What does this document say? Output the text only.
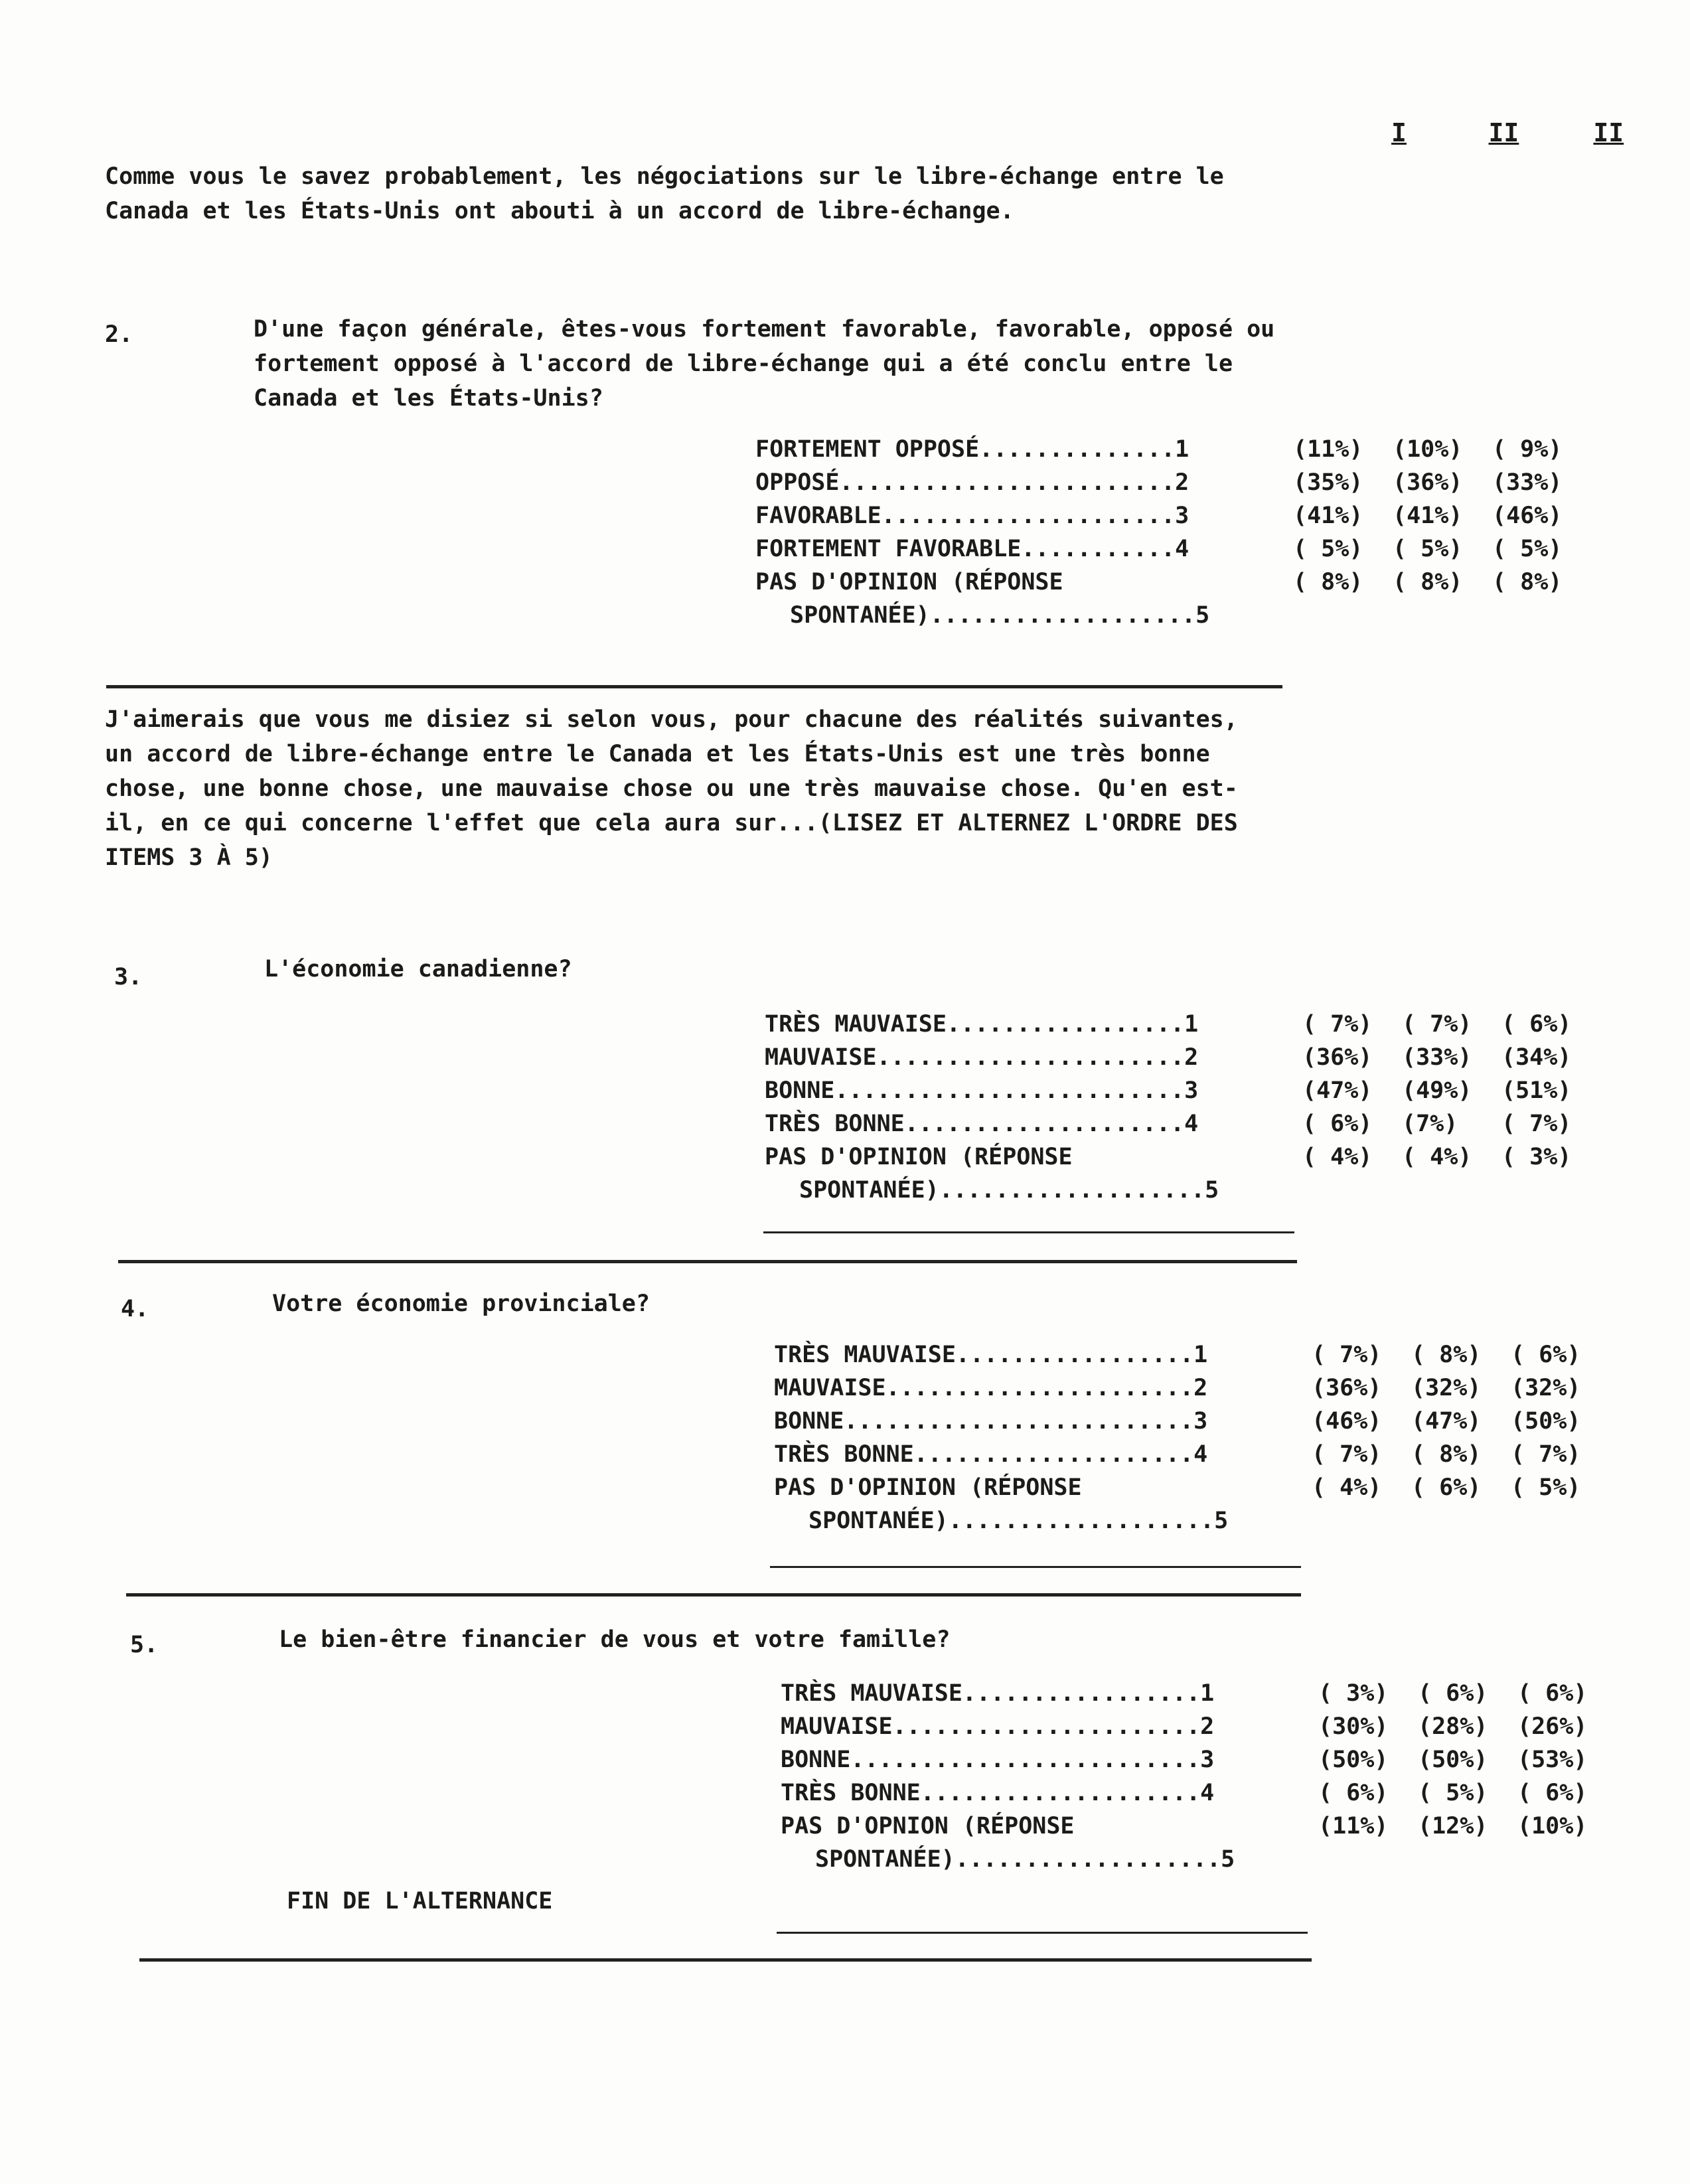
I	II	II
Comme vous le savez probablement, les négociations sur le libre-échange entre le Canada et les États-Unis ont abouti à un accord de libre-échange.
2.	D'une façon générale, êtes-vous fortement favorable, favorable, opposé ou fortement opposé à l'accord de libre-échange qui a été conclu entre le Canada et les États-Unis?
FORTEMENT OPPOSÉ..............1	(11%)	(10%)	( 9%)
OPPOSÉ........................2	(35%)	(36%)	(33%)
FAVORABLE.....................3	(41%)	(41%)	(46%)
FORTEMENT FAVORABLE...........4	( 5%)	( 5%)	( 5%)
PAS D'OPINION (RÉPONSE	( 8%)	( 8%)	( 8%)
SPONTANÉE)...................5
J'aimerais que vous me disiez si selon vous, pour chacune des réalités suivantes, un accord de libre-échange entre le Canada et les États-Unis est une très bonne chose, une bonne chose, une mauvaise chose ou une très mauvaise chose. Qu'en est-il, en ce qui concerne l'effet que cela aura sur...(LISEZ ET ALTERNEZ L'ORDRE DES ITEMS 3 À 5)
3.	L'économie canadienne?
TRÈS MAUVAISE.................1	( 7%)	( 7%)	( 6%)
MAUVAISE......................2	(36%)	(33%)	(34%)
BONNE.........................3	(47%)	(49%)	(51%)
TRÈS BONNE....................4	( 6%)	(7%)	( 7%)
PAS D'OPINION (RÉPONSE	( 4%)	( 4%)	( 3%)
SPONTANÉE)...................5
4.	Votre économie provinciale?
TRÈS MAUVAISE.................1	( 7%)	( 8%)	( 6%)
MAUVAISE......................2	(36%)	(32%)	(32%)
BONNE.........................3	(46%)	(47%)	(50%)
TRÈS BONNE....................4	( 7%)	( 8%)	( 7%)
PAS D'OPINION (RÉPONSE	( 4%)	( 6%)	( 5%)
SPONTANÉE)...................5
5.	Le bien-être financier de vous et votre famille?
TRÈS MAUVAISE.................1	( 3%)	( 6%)	( 6%)
MAUVAISE......................2	(30%)	(28%)	(26%)
BONNE.........................3	(50%)	(50%)	(53%)
TRÈS BONNE....................4	( 6%)	( 5%)	( 6%)
PAS D'OPNION (RÉPONSE	(11%)	(12%)	(10%)
SPONTANÉE)...................5
FIN DE L'ALTERNANCE
